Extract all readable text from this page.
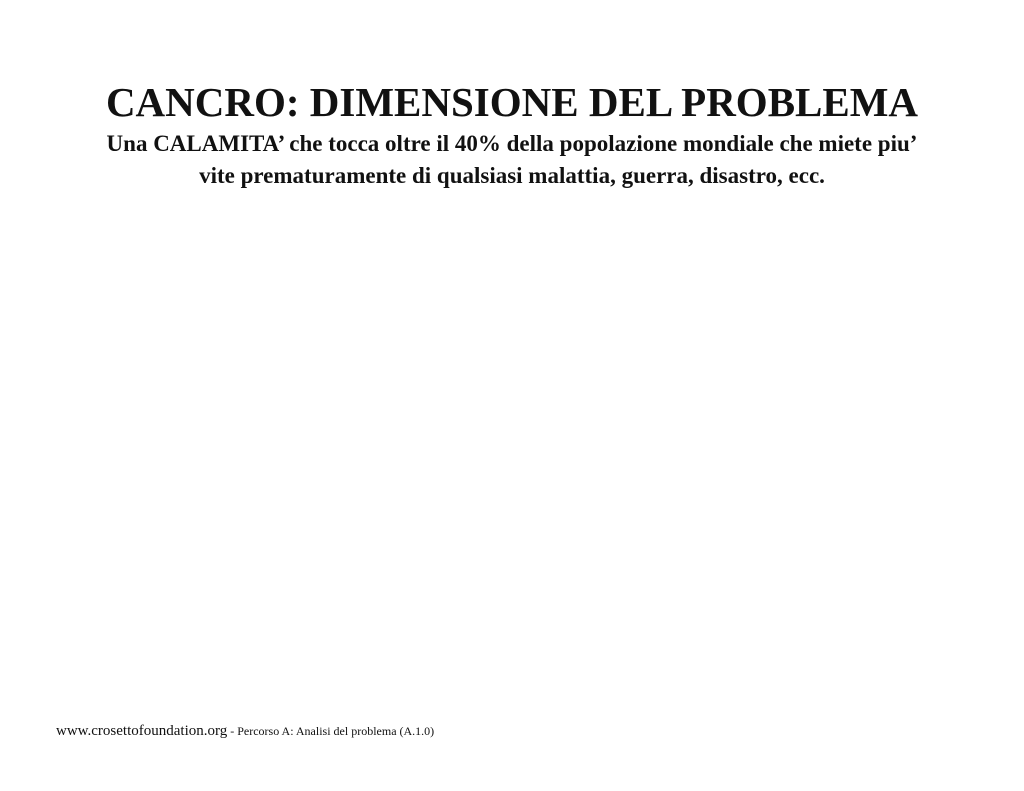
CANCRO: DIMENSIONE DEL PROBLEMA
Una CALAMITA’ che tocca oltre il 40% della popolazione mondiale che miete piu’
vite prematuramente di qualsiasi malattia, guerra, disastro, ecc.
www.crosettofoundation.org - Percorso A: Analisi del problema (A.1.0)
